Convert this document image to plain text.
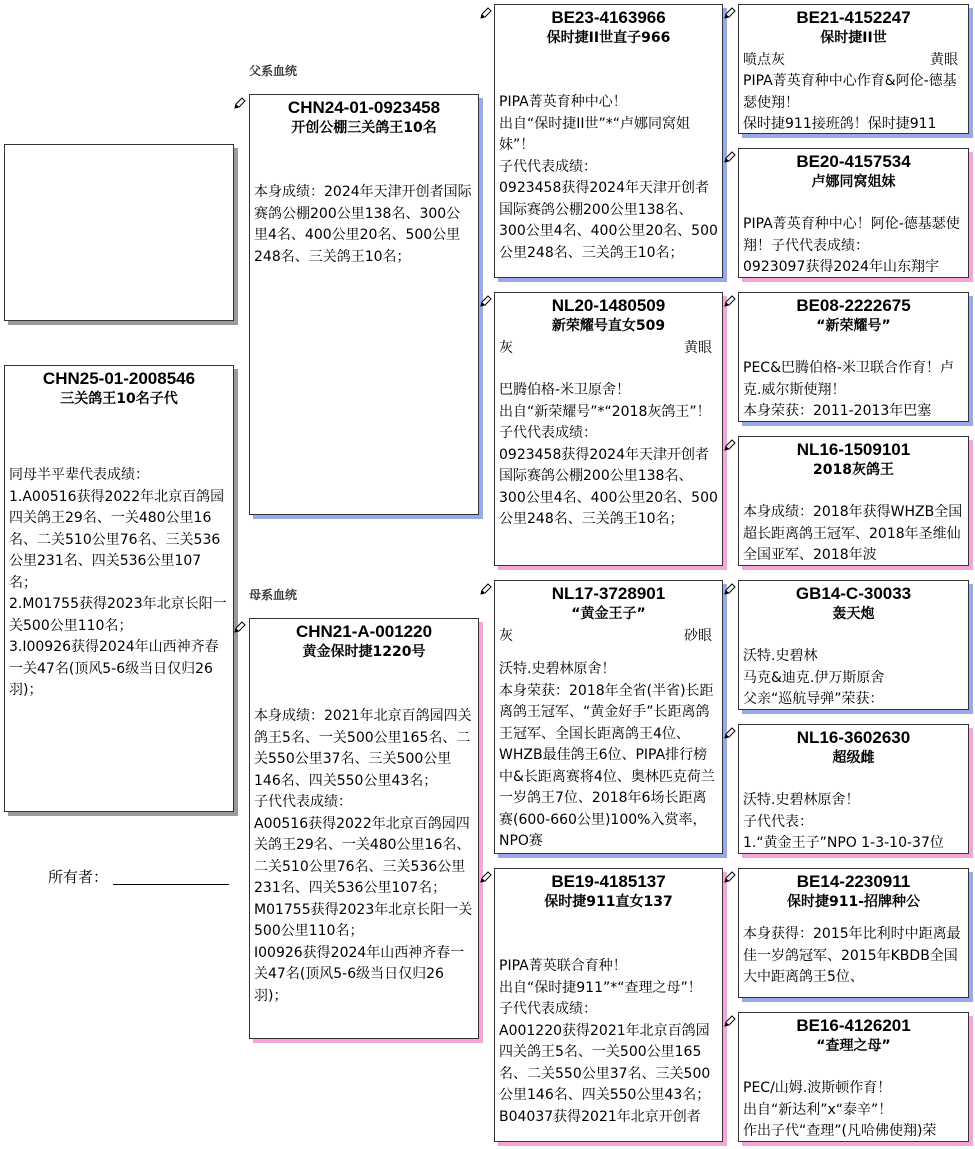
父系血统
母系血统
CHN25-01-2008546
三关鸽王10名子代
同母半平辈代表成绩：
1.A00516获得2022年北京百鸽园四关鸽王29名、一关480公里16名、二关510公里76名、三关536公里231名、四关536公里107名；
2.M01755获得2023年北京长阳一关500公里110名；
3.I00926获得2024年山西神齐春一关47名(顶风5-6级当日仅归26羽)；
CHN24-01-0923458
开创公棚三关鸽王10名
本身成绩：2024年天津开创者国际赛鸽公棚200公里138名、300公里4名、400公里20名、500公里248名、三关鸽王10名；
CHN21-A-001220
黄金保时捷1220号
本身成绩：2021年北京百鸽园四关鸽王5名、一关500公里165名、二关550公里37名、三关500公里146名、四关550公里43名；
子代代表成绩：
A00516获得2022年北京百鸽园四关鸽王29名、一关480公里16名、二关510公里76名、三关536公里231名、四关536公里107名；
M01755获得2023年北京长阳一关500公里110名；
I00926获得2024年山西神齐春一关47名(顶风5-6级当日仅归26羽)；
所有者：
BE23-4163966
保时捷II世直子966
PIPA菁英育种中心！
出自“保时捷II世”*“卢娜同窝姐妹”！
子代代表成绩：
0923458获得2024年天津开创者国际赛鸽公棚200公里138名、300公里4名、400公里20名、500公里248名、三关鸽王10名；
NL20-1480509
新荣耀号直女509
灰	黄眼
巴腾伯格-米卫原舍！
出自“新荣耀号”*“2018灰鸽王”！
子代代表成绩：
0923458获得2024年天津开创者国际赛鸽公棚200公里138名、300公里4名、400公里20名、500公里248名、三关鸽王10名；
NL17-3728901
“黄金王子”
灰	砂眼
沃特.史碧林原舍！
本身荣获：2018年全省(半省)长距离鸽王冠军、“黄金好手”长距离鸽王冠军、全国长距离鸽王4位、WHZB最佳鸽王6位、PIPA排行榜中&长距离赛将4位、奥林匹克荷兰一岁鸽王7位、2018年6场长距离赛(600-660公里)100%入赏率，NPO赛
BE19-4185137
保时捷911直女137
PIPA菁英联合育种！
出自“保时捷911”*“查理之母”！
子代代表成绩：
A001220获得2021年北京百鸽园四关鸽王5名、一关500公里165名、二关550公里37名、三关500公里146名、四关550公里43名；
B04037获得2021年北京开创者
BE21-4152247
保时捷II世
喷点灰	黄眼
PIPA菁英育种中心作育&阿伦-德基瑟使翔！
保时捷911接班鸽！保时捷911
BE20-4157534
卢娜同窝姐妹
PIPA菁英育种中心！阿伦-德基瑟使翔！子代代表成绩：
0923097获得2024年山东翔宇
BE08-2222675
“新荣耀号”
PEC&巴腾伯格-米卫联合作育！卢克.威尔斯使翔！
本身荣获：2011-2013年巴塞
NL16-1509101
2018灰鸽王
本身成绩：2018年获得WHZB全国超长距离鸽王冠军、2018年圣维仙全国亚军、2018年波
GB14-C-30033
轰天炮
沃特.史碧林
马克&迪克.伊万斯原舍
父亲“巡航导弹”荣获：
NL16-3602630
超级雌
沃特.史碧林原舍！
子代代表：
1.“黄金王子”NPO 1-3-10-37位
BE14-2230911
保时捷911-招牌种公
本身获得：2015年比利时中距离最佳一岁鸽冠军、2015年KBDB全国大中距离鸽王5位、
BE16-4126201
“查理之母”
PEC/山姆.波斯顿作育！
出自“新达利”x“泰辛”！
作出子代“查理”(凡哈佛使翔)荣
